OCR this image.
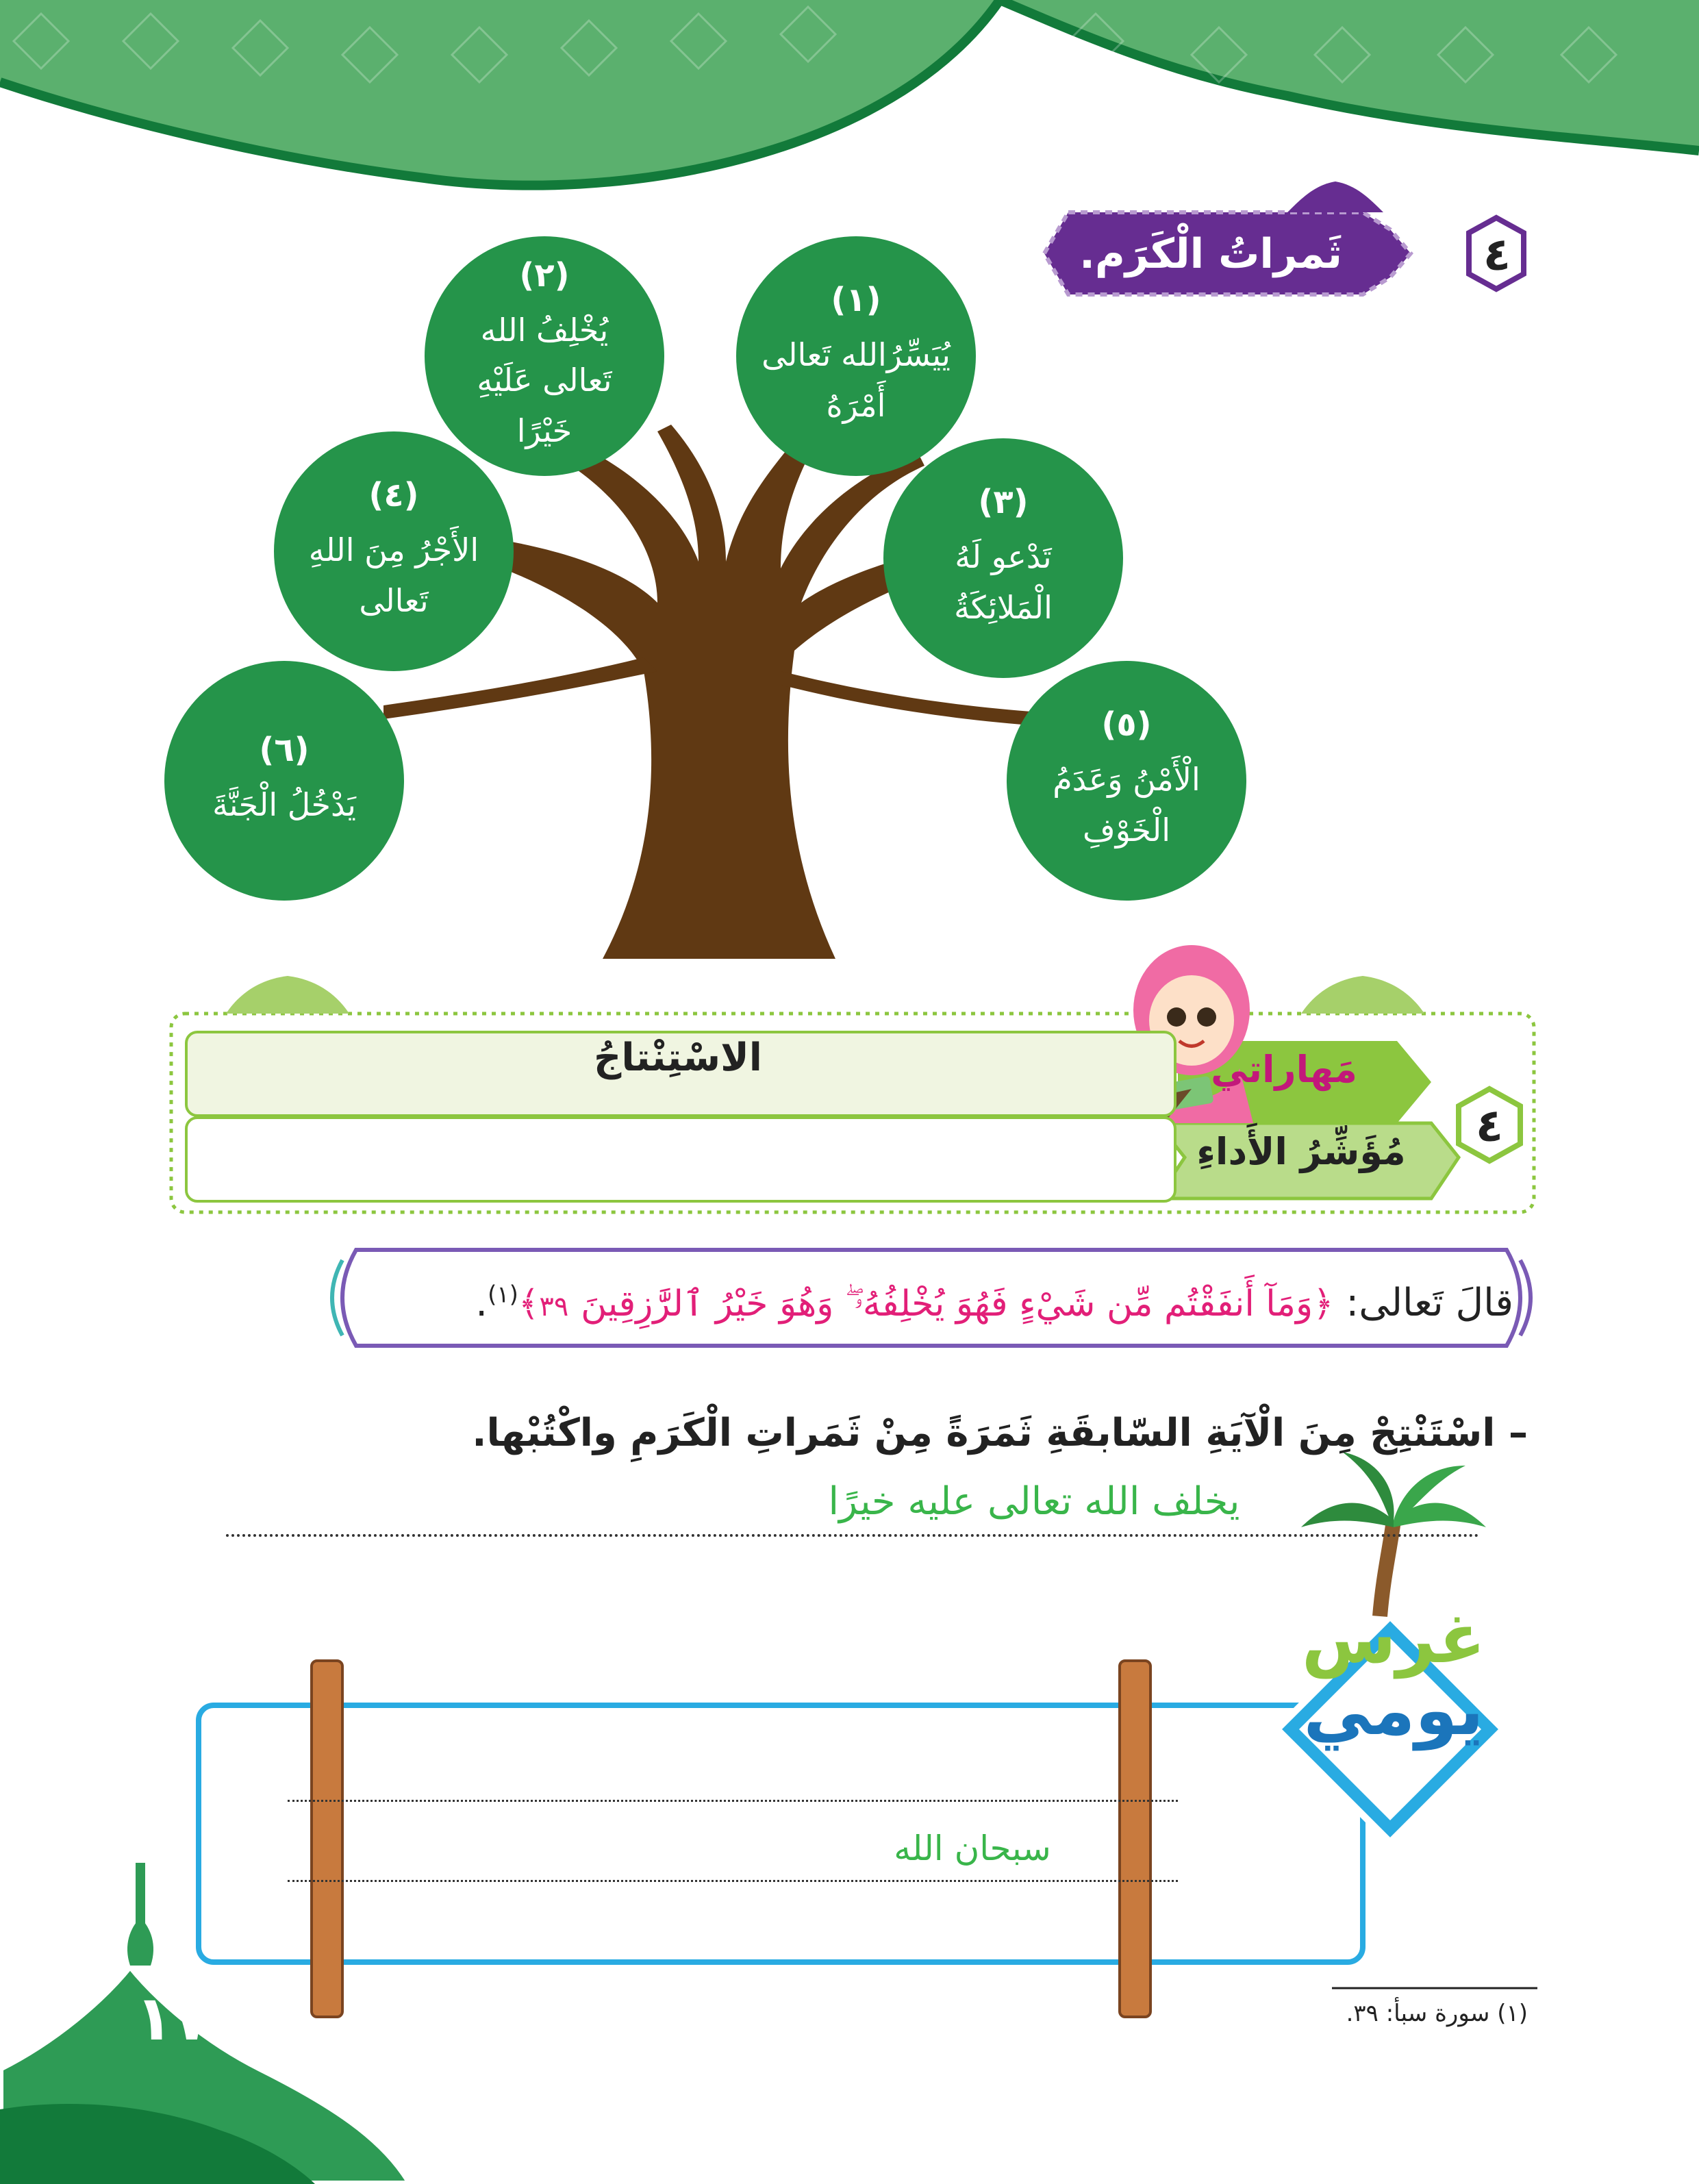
ثَمراتُ الْكَرَم.	٤
(١)
يُيَسِّرُالله تَعالى أَمْرَهُ
(٢)
يُخْلِفُ الله تَعالى عَلَيْهِ خَيْرًا
(٣)
تَدْعو لَهُ الْمَلائِكَةُ
(٤)
الأَجْرُ مِنَ اللهِ تَعالى
(٥)
الْأَمْنُ وَعَدَمُ الْخَوْفِ
(٦)
يَدْخُلُ الْجَنَّةَ
الاسْتِنْتاجُ	مَهاراتي
مُؤَشِّرُ الأَداءِ	٤
قالَ تَعالى: ﴿وَمَآ أَنفَقْتُم مِّن شَيْءٍ فَهُوَ يُخْلِفُهُۥ ۖ وَهُوَ خَيْرُ ٱلرَّٰزِقِينَ ٣٩﴾$^{(١)}$.
– اسْتَنْتِجْ مِنَ الْآيَةِ السّابقَةِ ثَمَرَةً مِنْ ثَمَراتِ الْكَرَمِ واكْتُبْها.
يخلف الله تعالى عليه خيرًا
سبحان الله
غرس
يومي
(١) سورة سبأ: ٣٩.
١٧٣
